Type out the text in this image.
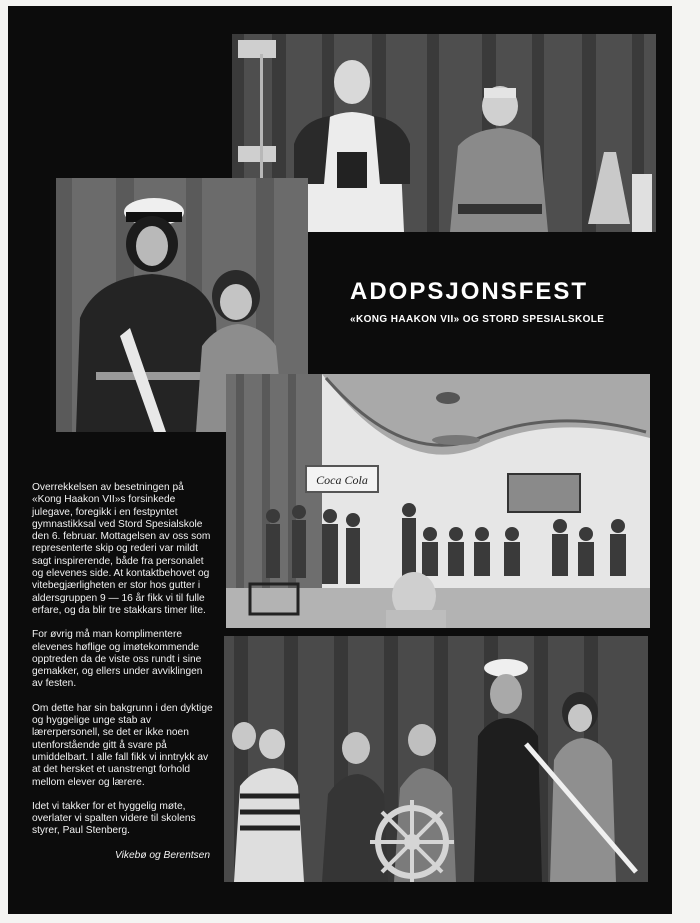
ADOPSJONSFEST

«KONG HAAKON VII» OG STORD SPESIALSKOLE

Coca Cola

Overrekkelsen av besetningen på «Kong Haakon VII»s forsinkede julegave, foregikk i en festpyntet gymnastikksal ved Stord Spesialskole den 6. februar. Mottagelsen av oss som representerte skip og rederi var mildt sagt inspirerende, både fra personalet og elevenes side. At kontaktbehovet og vitebegjærligheten er stor hos gutter i aldersgruppen 9 — 16 år fikk vi til fulle erfare, og da blir tre stakkars timer lite.

For øvrig må man komplimentere elevenes høflige og imøtekommende opptreden da de viste oss rundt i sine gemakker, og ellers under avviklingen av festen.

Om dette har sin bakgrunn i den dyktige og hyggelige unge stab av lærerpersonell, se det er ikke noen utenforstående gitt å svare på umiddelbart. I alle fall fikk vi inntrykk av at det hersket et uanstrengt forhold mellom elever og lærere.

Idet vi takker for et hyggelig møte, overlater vi spalten videre til skolens styrer, Paul Stenberg.

Vikebø og Berentsen
